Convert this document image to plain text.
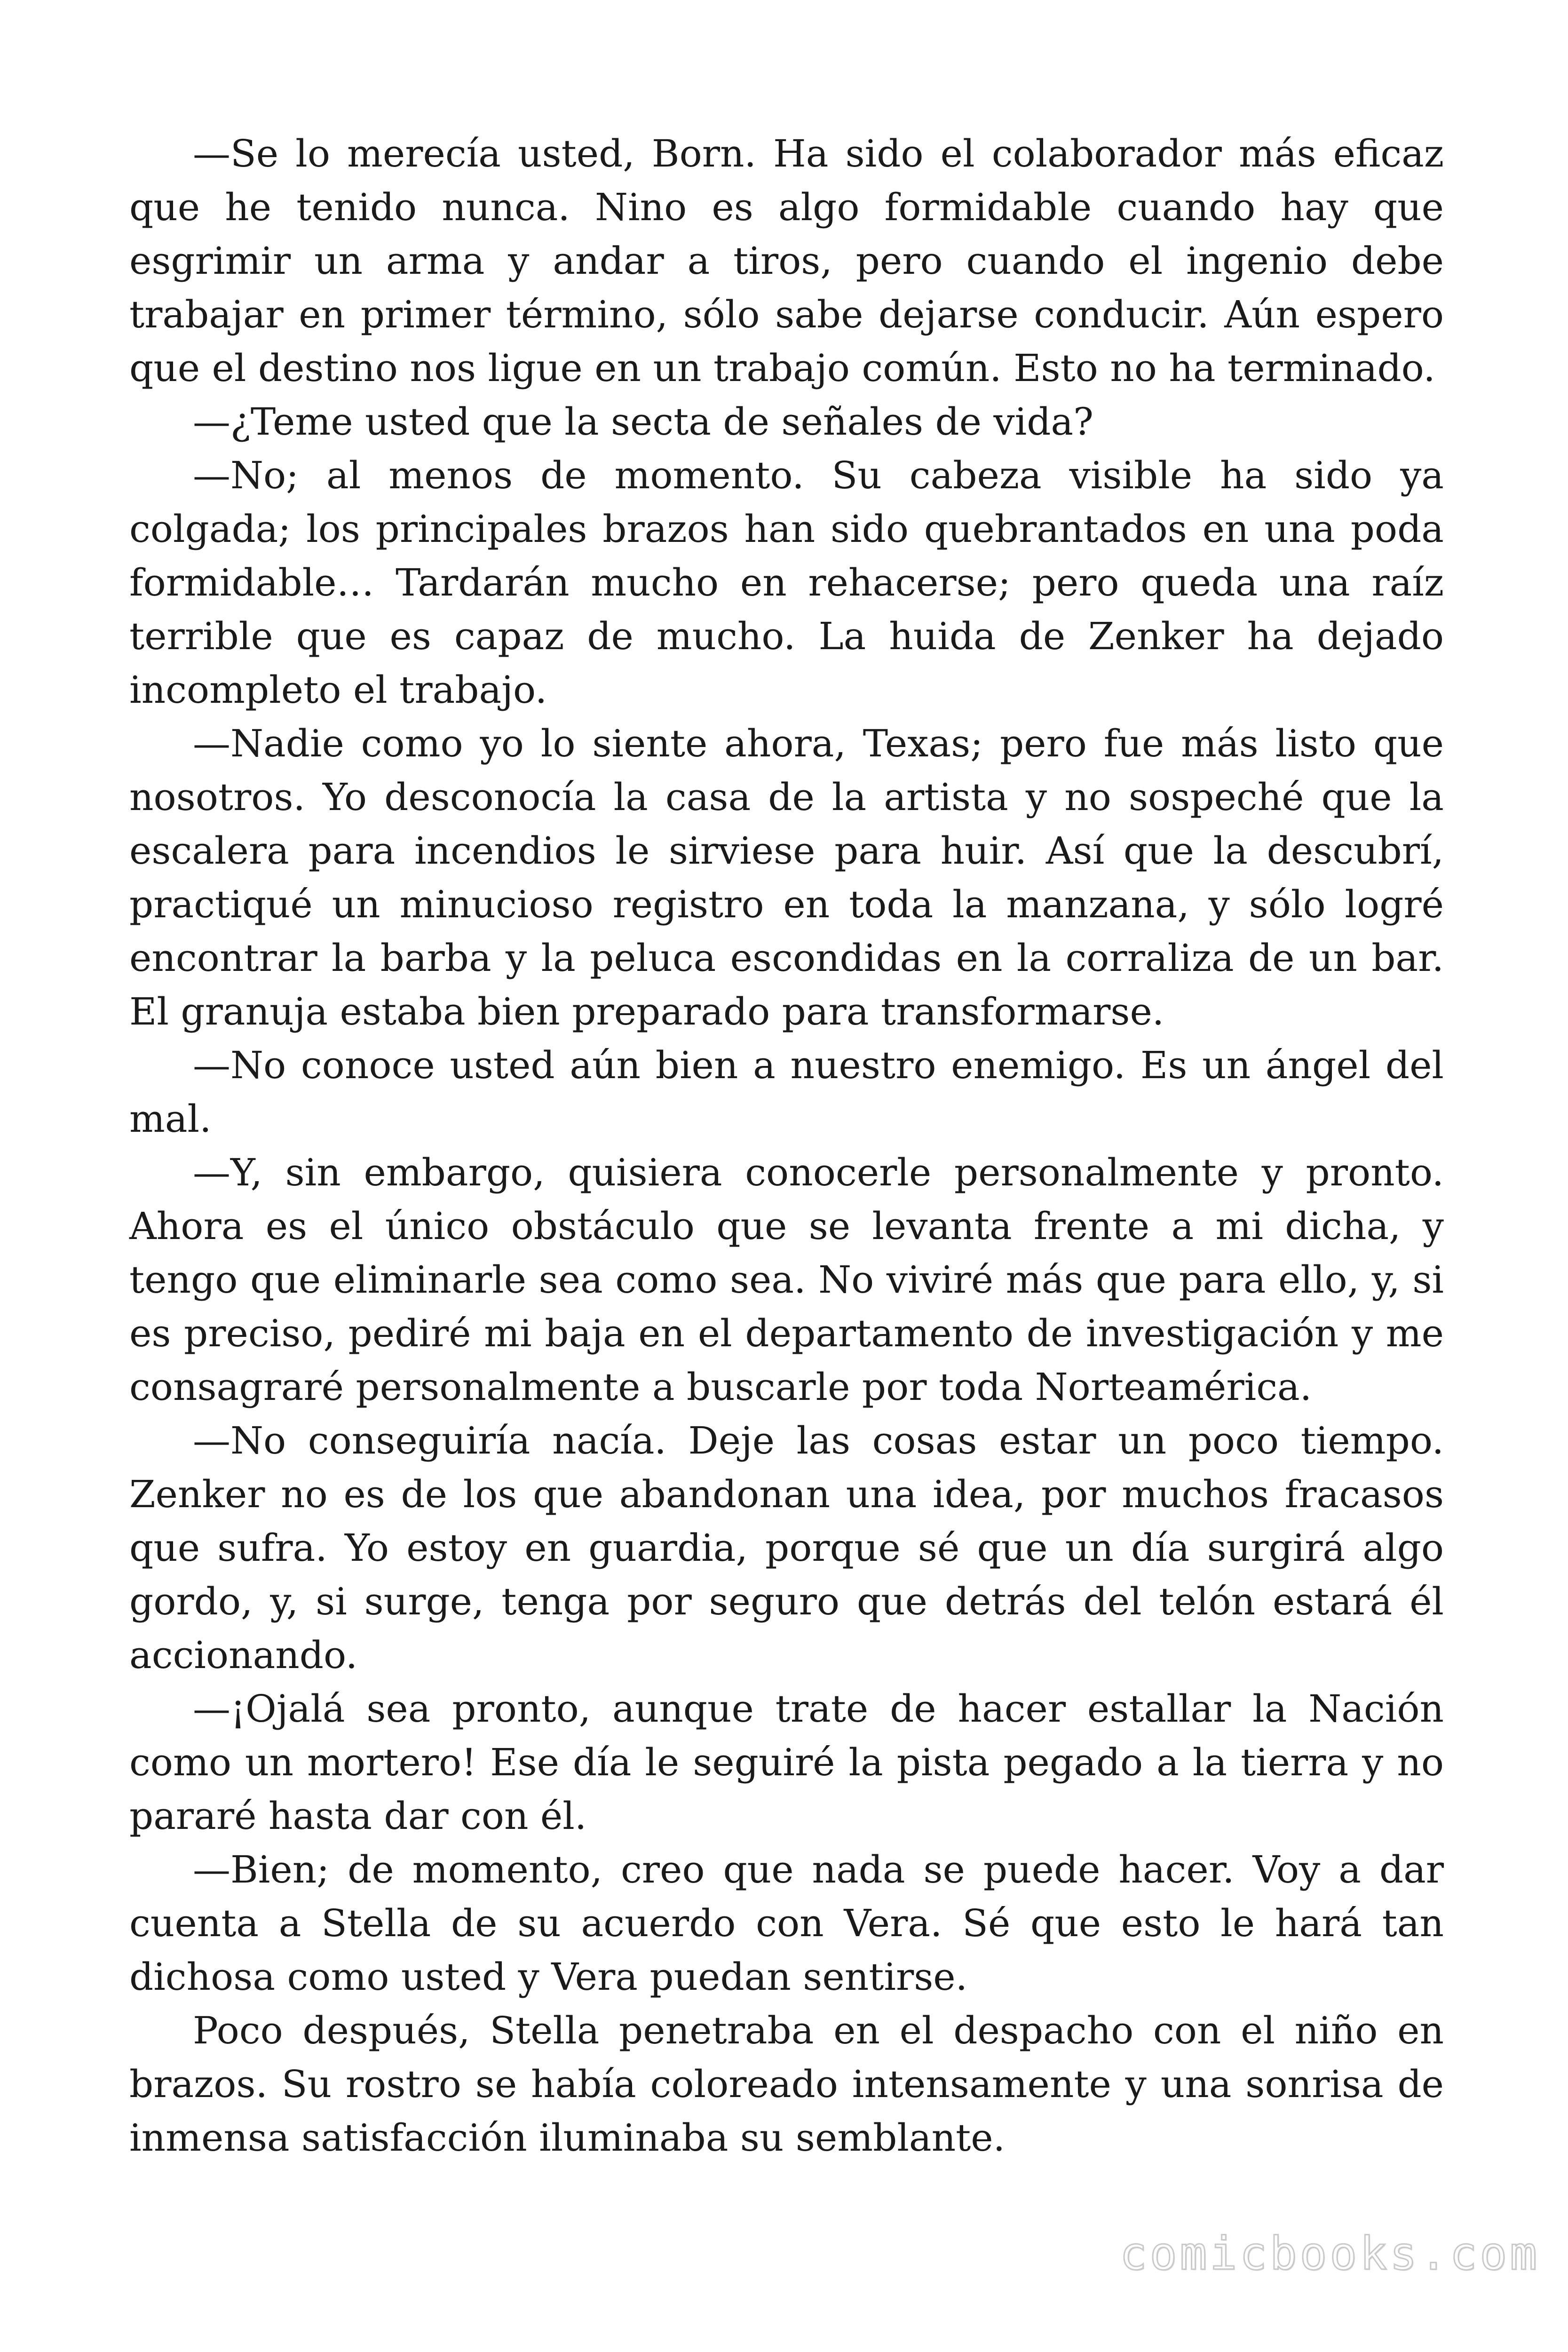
—Se lo merecía usted, Born. Ha sido el colaborador más eficaz que he tenido nunca. Nino es algo formidable cuando hay que esgrimir un arma y andar a tiros, pero cuando el ingenio debe trabajar en primer término, sólo sabe dejarse conducir. Aún espero que el destino nos ligue en un trabajo común. Esto no ha terminado.

—¿Teme usted que la secta de señales de vida?

—No; al menos de momento. Su cabeza visible ha sido ya colgada; los principales brazos han sido quebrantados en una poda formidable… Tardarán mucho en rehacerse; pero queda una raíz terrible que es capaz de mucho. La huida de Zenker ha dejado incompleto el trabajo.

—Nadie como yo lo siente ahora, Texas; pero fue más listo que nosotros. Yo desconocía la casa de la artista y no sospeché que la escalera para incendios le sirviese para huir. Así que la descubrí, practiqué un minucioso registro en toda la manzana, y sólo logré encontrar la barba y la peluca escondidas en la corraliza de un bar. El granuja estaba bien preparado para transformarse.

—No conoce usted aún bien a nuestro enemigo. Es un ángel del mal.

—Y, sin embargo, quisiera conocerle personalmente y pronto. Ahora es el único obstáculo que se levanta frente a mi dicha, y tengo que eliminarle sea como sea. No viviré más que para ello, y, si es preciso, pediré mi baja en el departamento de investigación y me consagraré personalmente a buscarle por toda Norteamérica.

—No conseguiría nacía. Deje las cosas estar un poco tiempo. Zenker no es de los que abandonan una idea, por muchos fracasos que sufra. Yo estoy en guardia, porque sé que un día surgirá algo gordo, y, si surge, tenga por seguro que detrás del telón estará él accionando.

—¡Ojalá sea pronto, aunque trate de hacer estallar la Nación como un mortero! Ese día le seguiré la pista pegado a la tierra y no pararé hasta dar con él.

—Bien; de momento, creo que nada se puede hacer. Voy a dar cuenta a Stella de su acuerdo con Vera. Sé que esto le hará tan dichosa como usted y Vera puedan sentirse.

Poco después, Stella penetraba en el despacho con el niño en brazos. Su rostro se había coloreado intensamente y una sonrisa de inmensa satisfacción iluminaba su semblante.

comicbooks.com
